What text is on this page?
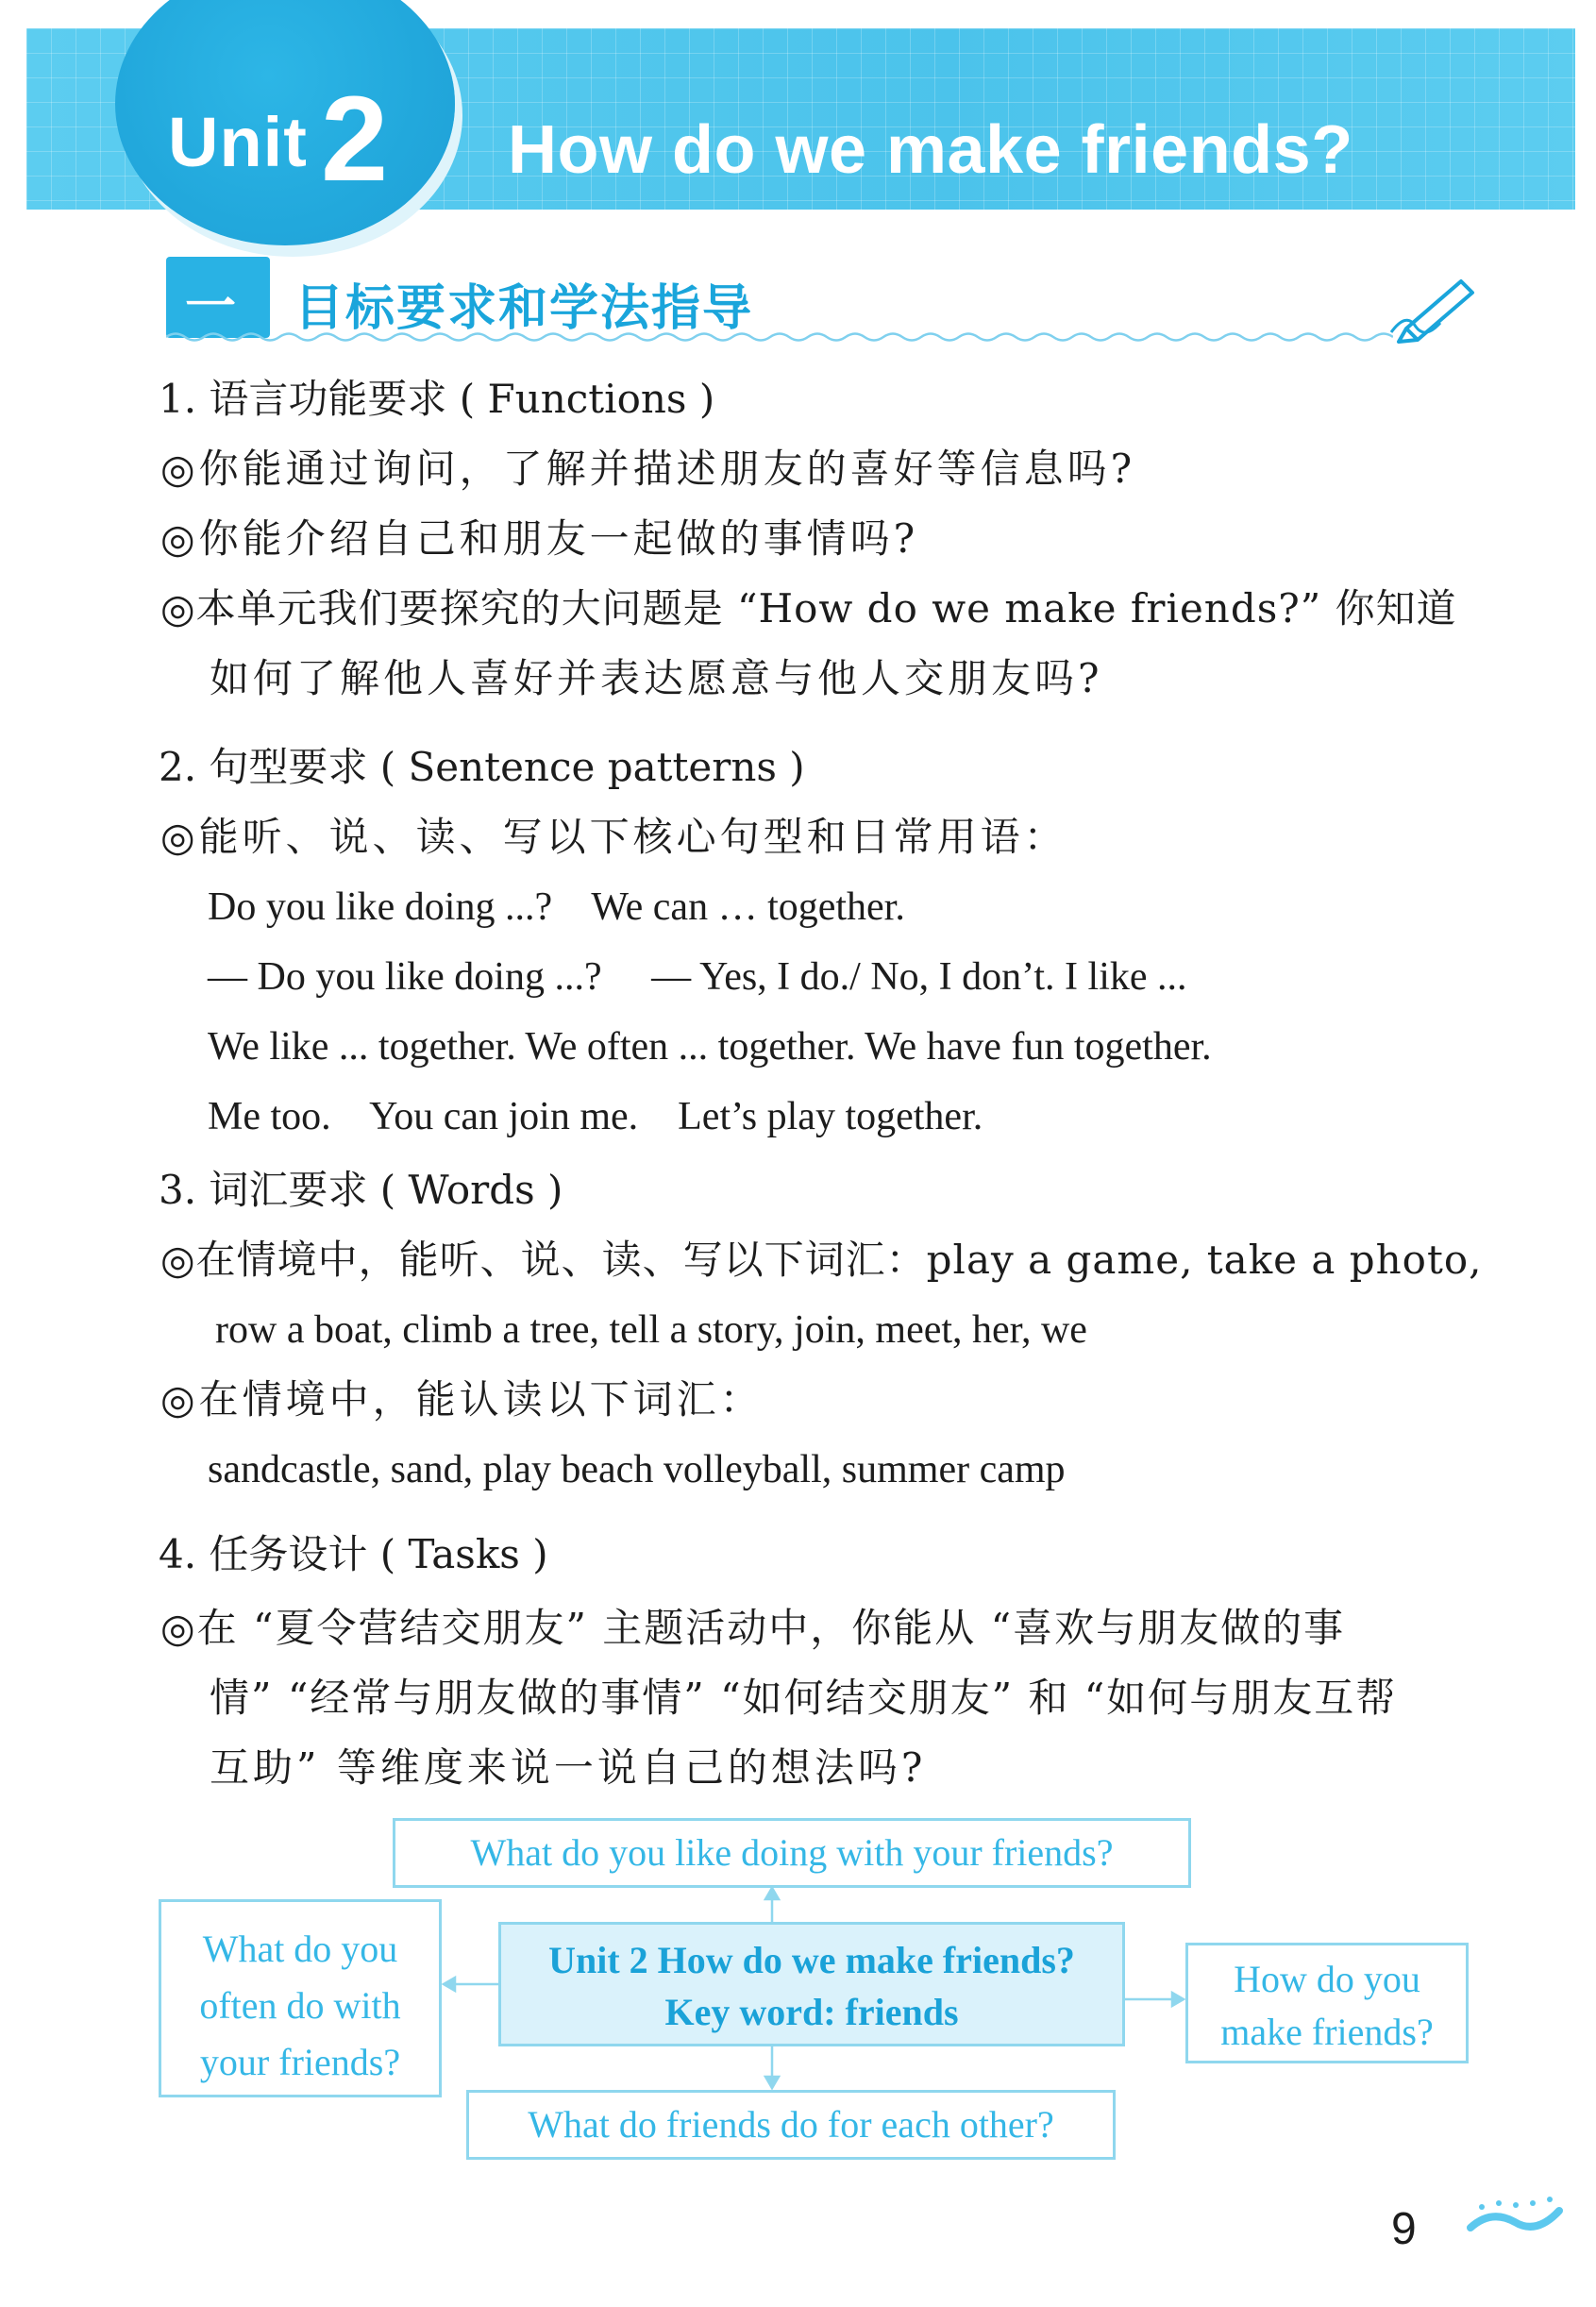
Unit 2 How do we make friends?
一 目标要求和学法指导
1. 语言功能要求 ( Functions )
◎你能通过询问，了解并描述朋友的喜好等信息吗?
◎你能介绍自己和朋友一起做的事情吗?
◎本单元我们要探究的大问题是 “How do we make friends?” 你知道
如何了解他人喜好并表达愿意与他人交朋友吗?
2. 句型要求 ( Sentence patterns )
◎能听、说、读、写以下核心句型和日常用语：
Do you like doing ...?    We can … together.
— Do you like doing ...?     — Yes, I do./ No, I don’t. I like ...
We like ... together. We often ... together. We have fun together.
Me too.    You can join me.    Let’s play together.
3. 词汇要求 ( Words )
◎在情境中，能听、说、读、写以下词汇：play a game, take a photo,
row a boat, climb a tree, tell a story, join, meet, her, we
◎在情境中，能认读以下词汇：
sandcastle, sand, play beach volleyball, summer camp
4. 任务设计 ( Tasks )
◎在 “夏令营结交朋友” 主题活动中，你能从 “喜欢与朋友做的事
情” “经常与朋友做的事情” “如何结交朋友” 和 “如何与朋友互帮
互助” 等维度来说一说自己的想法吗?
What do you like doing with your friends?
What do you
often do with
your friends?
Unit 2 How do we make friends?
Key word: friends
How do you
make friends?
What do friends do for each other?
9
